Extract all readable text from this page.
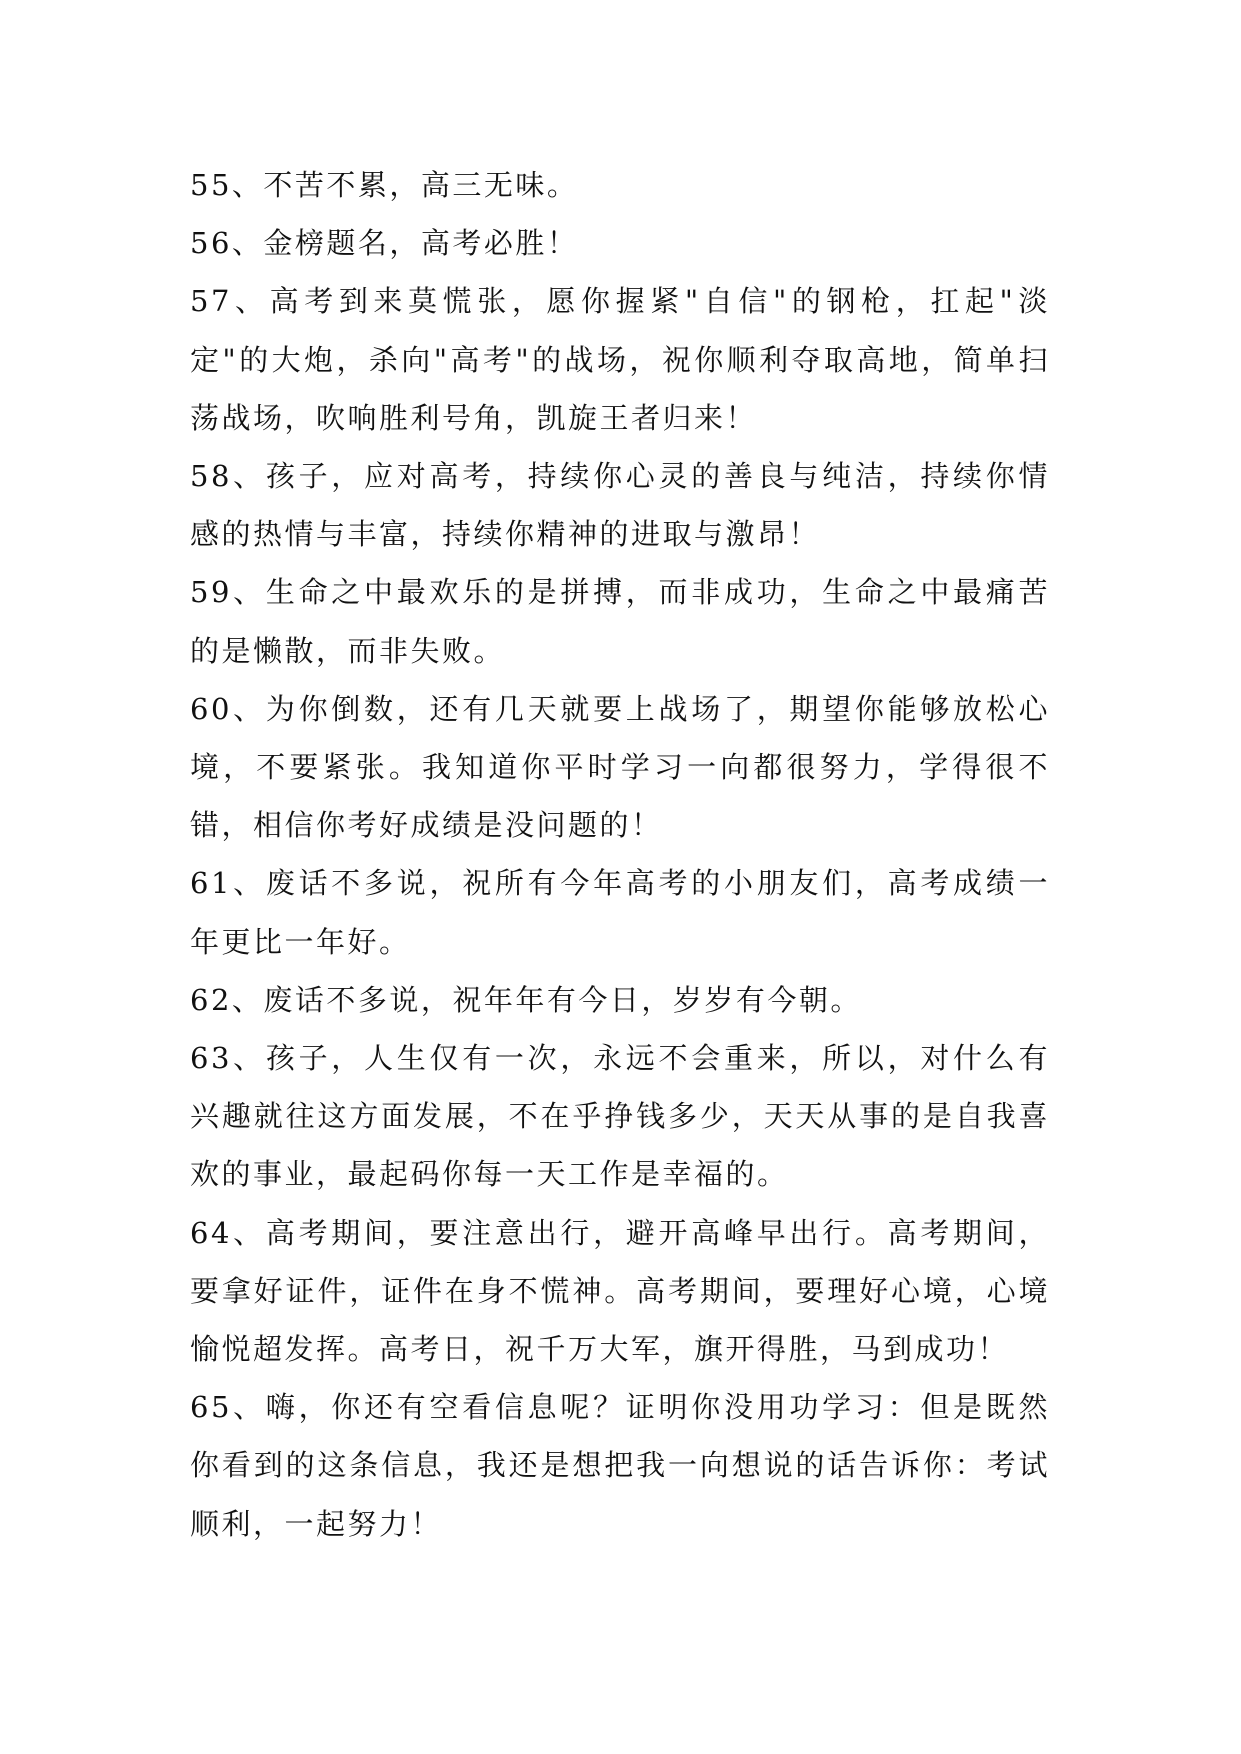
55、不苦不累，高三无味。

56、金榜题名，高考必胜！

57、高考到来莫慌张，愿你握紧"自信"的钢枪，扛起"淡定"的大炮，杀向"高考"的战场，祝你顺利夺取高地，简单扫荡战场，吹响胜利号角，凯旋王者归来！

58、孩子，应对高考，持续你心灵的善良与纯洁，持续你情感的热情与丰富，持续你精神的进取与激昂！

59、生命之中最欢乐的是拼搏，而非成功，生命之中最痛苦的是懒散，而非失败。

60、为你倒数，还有几天就要上战场了，期望你能够放松心境，不要紧张。我知道你平时学习一向都很努力，学得很不错，相信你考好成绩是没问题的！

61、废话不多说，祝所有今年高考的小朋友们，高考成绩一年更比一年好。

62、废话不多说，祝年年有今日，岁岁有今朝。

63、孩子，人生仅有一次，永远不会重来，所以，对什么有兴趣就往这方面发展，不在乎挣钱多少，天天从事的是自我喜欢的事业，最起码你每一天工作是幸福的。

64、高考期间，要注意出行，避开高峰早出行。高考期间，要拿好证件，证件在身不慌神。高考期间，要理好心境，心境愉悦超发挥。高考日，祝千万大军，旗开得胜，马到成功！

65、嗨，你还有空看信息呢？证明你没用功学习：但是既然你看到的这条信息，我还是想把我一向想说的话告诉你：考试顺利，一起努力！
